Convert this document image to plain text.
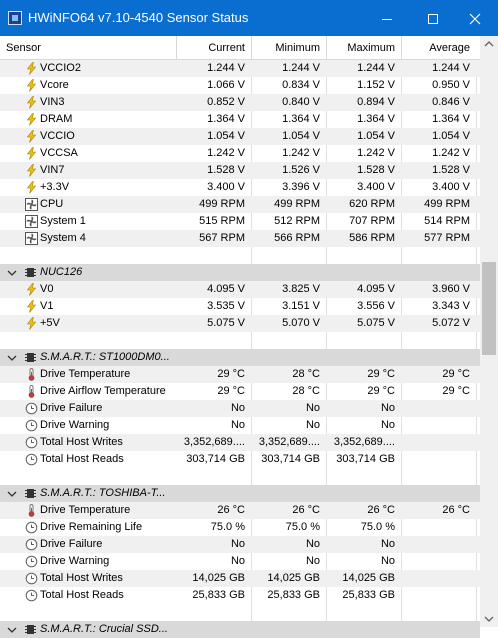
HWiNFO64 v7.10-4540 Sensor Status
Sensor	Current	Minimum	Maximum	Average
VCCIO2	1.244 V	1.244 V	1.244 V	1.244 V
Vcore	1.066 V	0.834 V	1.152 V	0.950 V
VIN3	0.852 V	0.840 V	0.894 V	0.846 V
DRAM	1.364 V	1.364 V	1.364 V	1.364 V
VCCIO	1.054 V	1.054 V	1.054 V	1.054 V
VCCSA	1.242 V	1.242 V	1.242 V	1.242 V
VIN7	1.528 V	1.526 V	1.528 V	1.528 V
+3.3V	3.400 V	3.396 V	3.400 V	3.400 V
CPU	499 RPM	499 RPM	620 RPM	499 RPM
System 1	515 RPM	512 RPM	707 RPM	514 RPM
System 4	567 RPM	566 RPM	586 RPM	577 RPM
NUC126
V0	4.095 V	3.825 V	4.095 V	3.960 V
V1	3.535 V	3.151 V	3.556 V	3.343 V
+5V	5.075 V	5.070 V	5.075 V	5.072 V
S.M.A.R.T.: ST1000DM0...
Drive Temperature	29 °C	28 °C	29 °C	29 °C
Drive Airflow Temperature	29 °C	28 °C	29 °C	29 °C
Drive Failure	No	No	No
Drive Warning	No	No	No
Total Host Writes	3,352,689....	3,352,689....	3,352,689....
Total Host Reads	303,714 GB	303,714 GB	303,714 GB
S.M.A.R.T.: TOSHIBA-T...
Drive Temperature	26 °C	26 °C	26 °C	26 °C
Drive Remaining Life	75.0 %	75.0 %	75.0 %
Drive Failure	No	No	No
Drive Warning	No	No	No
Total Host Writes	14,025 GB	14,025 GB	14,025 GB
Total Host Reads	25,833 GB	25,833 GB	25,833 GB
S.M.A.R.T.: Crucial SSD...
